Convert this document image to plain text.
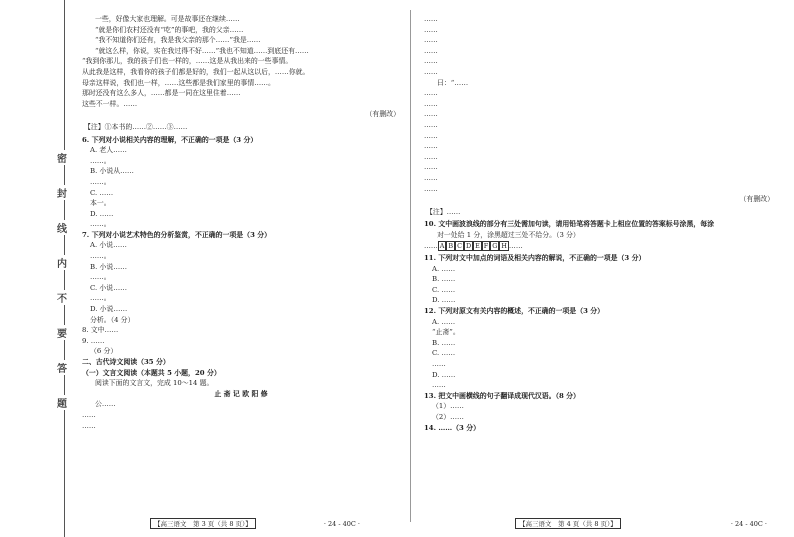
密
封
线
内
不
要
答
题
一些，好像大家也理解。可是故事还在继续……
“就是你们农村还没有“吃”的事吧，我的父亲……
“我不知道你们还有，我是我父亲的那个……”我是……
“就这么样，你说，实在我过得不好……”我也不知道……到底还有……
“我到你那儿，我的孩子们也一样的，……这是从我出来的一些事情。
从此我是这样，我看你的孩子们都是好的，我们一起从这以后，……你就。
母亲这样说，我们也一样，……这些都是我们家里的事情……。
那时还没有这么多人，……都是一同在这里住着……
这些不一样。……
（有删改）
【注】①本书的……②……③……
6. 下列对小说相关内容的理解，不正确的一项是（3 分）
A. 老人……
……。
B. 小说从……
……。
C. ……
本一。
D. ……
……。
7. 下列对小说艺术特色的分析鉴赏，不正确的一项是（3 分）
A. 小说……
……。
B. 小说……
……。
C. 小说……
……。
D. 小说……
分析。（4 分）
8. 文中……
9. ……
（6 分）
二、古代诗文阅读（35 分）
（一）文言文阅读（本题共 5 小题，20 分）
阅读下面的文言文，完成 10～14 题。
止 斋 记 欧 阳 修
公……
……
……
……
……
……
……
……
……
曰：“……
……
……
……
……
……
……
……
……
……
……
（有删改）
【注】……
10. 文中画波浪线的部分有三处需加句读，请用铅笔将答题卡上相应位置的答案标号涂黑，每涂
对一处给 1 分，涂黑超过三处不给分。（3 分）
…… A B C D E F G H ……
11. 下列对文中加点的词语及相关内容的解说，不正确的一项是（3 分）
A. ……
B. ……
C. ……
D. ……
12. 下列对原文有关内容的概述，不正确的一项是（3 分）
A. ……
“止斋”。
B. ……
C. ……
……
D. ……
……
13. 把文中画横线的句子翻译成现代汉语。（8 分）
（1）……
（2）……
14. ……（3 分）
【高三语文　第 3 页（共 8 页）】	· 24 - 40C ·	【高三语文　第 4 页（共 8 页）】	· 24 - 40C ·
